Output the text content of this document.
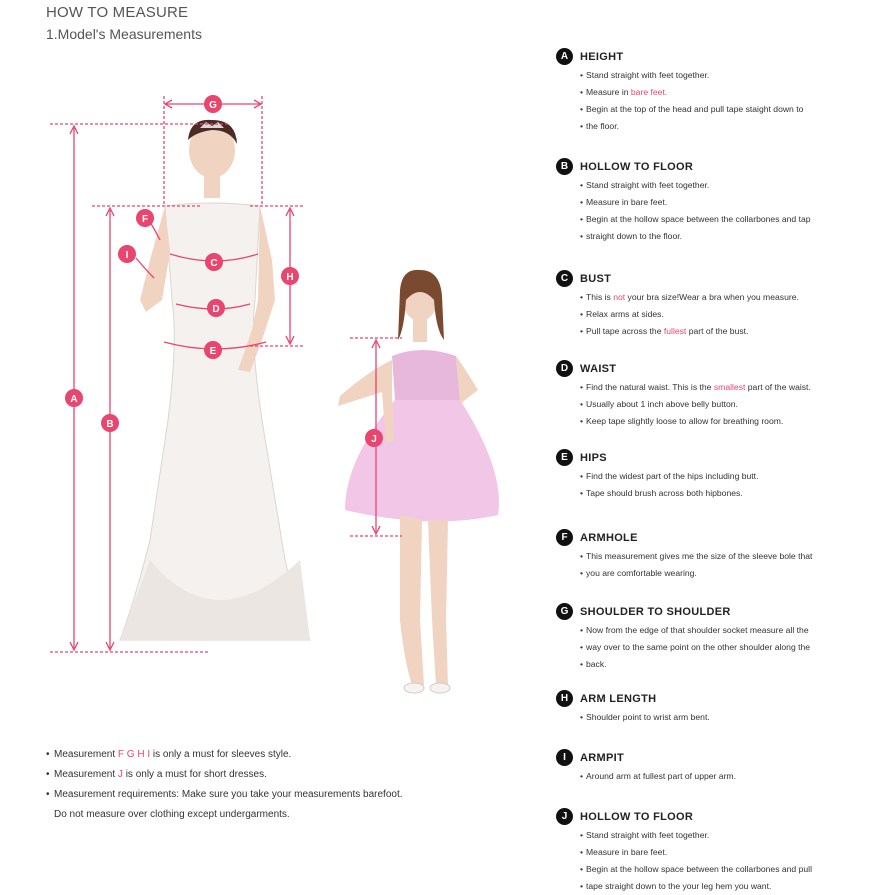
HOW TO MEASURE
1.Model's Measurements
A
B
C
D
E
F
G
H
I
J
A	HEIGHT
• Stand straight with feet together.
• Measure in bare feet.
• Begin at the top of the head and pull tape staight down to
• the floor.
B	HOLLOW TO FLOOR
• Stand straight with feet together.
• Measure in bare feet.
• Begin at the hollow space between the collarbones and tap
• straight down to the floor.
C	BUST
• This is not your bra size!Wear a bra when you measure.
• Relax arms at sides.
• Pull tape across the fullest part of the bust.
D	WAIST
• Find the natural waist. This is the smallest part of the waist.
• Usually about 1 inch above belly button.
• Keep tape slightly loose to allow for breathing room.
E	HIPS
• Find the widest part of the hips including butt.
• Tape should brush across both hipbones.
F	ARMHOLE
• This measurement gives me the size of the sleeve bole that
• you are comfortable wearing.
G	SHOULDER TO SHOULDER
• Now from the edge of that shoulder socket measure all the
• way over to the same point on the other shoulder along the
• back.
H	ARM LENGTH
• Shoulder point to wrist arm bent.
I	ARMPIT
• Around arm at fullest part of upper arm.
J	HOLLOW TO FLOOR
• Stand straight with feet together.
• Measure in bare feet.
• Begin at the hollow space between the collarbones and pull
• tape straight down to the your leg hem you want.
• Measurement F G H I is only a must for sleeves style.
• Measurement J is only a must for short dresses.
• Measurement requirements: Make sure you take your measurements barefoot.
Do not measure over clothing except undergarments.
